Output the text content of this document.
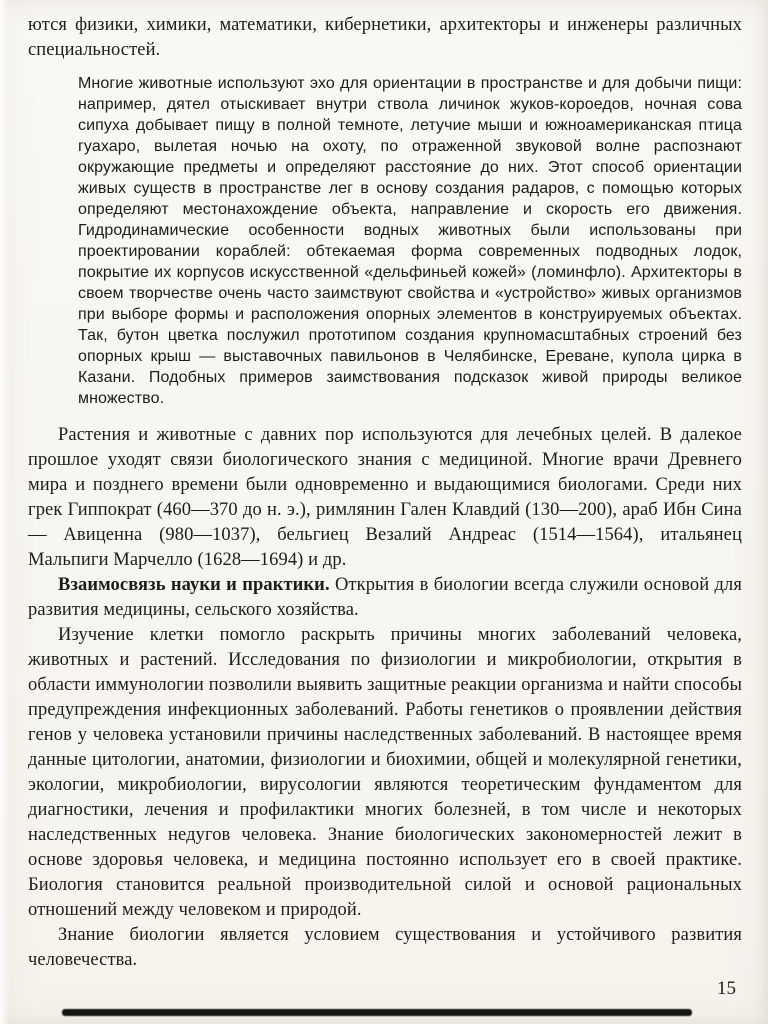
ются физики, химики, математики, кибернетики, архитекторы и инженеры различных специальностей.

Многие животные используют эхо для ориентации в пространстве и для добычи пищи: например, дятел отыскивает внутри ствола личинок жуков-короедов, ночная сова сипуха добывает пищу в полной темноте, летучие мыши и южноамериканская птица гуахаро, вылетая ночью на охоту, по отраженной звуковой волне распознают окружающие предметы и определяют расстояние до них. Этот способ ориентации живых существ в пространстве лег в основу создания радаров, с помощью которых определяют местонахождение объекта, направление и скорость его движения. Гидродинамические особенности водных животных были использованы при проектировании кораблей: обтекаемая форма современных подводных лодок, покрытие их корпусов искусственной «дельфиньей кожей» (ломинфло). Архитекторы в своем творчестве очень часто заимствуют свойства и «устройство» живых организмов при выборе формы и расположения опорных элементов в конструируемых объектах. Так, бутон цветка послужил прототипом создания крупномасштабных строений без опорных крыш — выставочных павильонов в Челябинске, Ереване, купола цирка в Казани. Подобных примеров заимствования подсказок живой природы великое множество.

Растения и животные с давних пор используются для лечебных целей. В далекое прошлое уходят связи биологического знания с медициной. Многие врачи Древнего мира и позднего времени были одновременно и выдающимися биологами. Среди них грек Гиппократ (460—370 до н. э.), римлянин Гален Клавдий (130—200), араб Ибн Сина — Авиценна (980—1037), бельгиец Везалий Андреас (1514—1564), итальянец Мальпиги Марчелло (1628—1694) и др.

Взаимосвязь науки и практики. Открытия в биологии всегда служили основой для развития медицины, сельского хозяйства.

Изучение клетки помогло раскрыть причины многих заболеваний человека, животных и растений. Исследования по физиологии и микробиологии, открытия в области иммунологии позволили выявить защитные реакции организма и найти способы предупреждения инфекционных заболеваний. Работы генетиков о проявлении действия генов у человека установили причины наследственных заболеваний. В настоящее время данные цитологии, анатомии, физиологии и биохимии, общей и молекулярной генетики, экологии, микробиологии, вирусологии являются теоретическим фундаментом для диагностики, лечения и профилактики многих болезней, в том числе и некоторых наследственных недугов человека. Знание биологических закономерностей лежит в основе здоровья человека, и медицина постоянно использует его в своей практике. Биология становится реальной производительной силой и основой рациональных отношений между человеком и природой.

Знание биологии является условием существования и устойчивого развития человечества.

15
